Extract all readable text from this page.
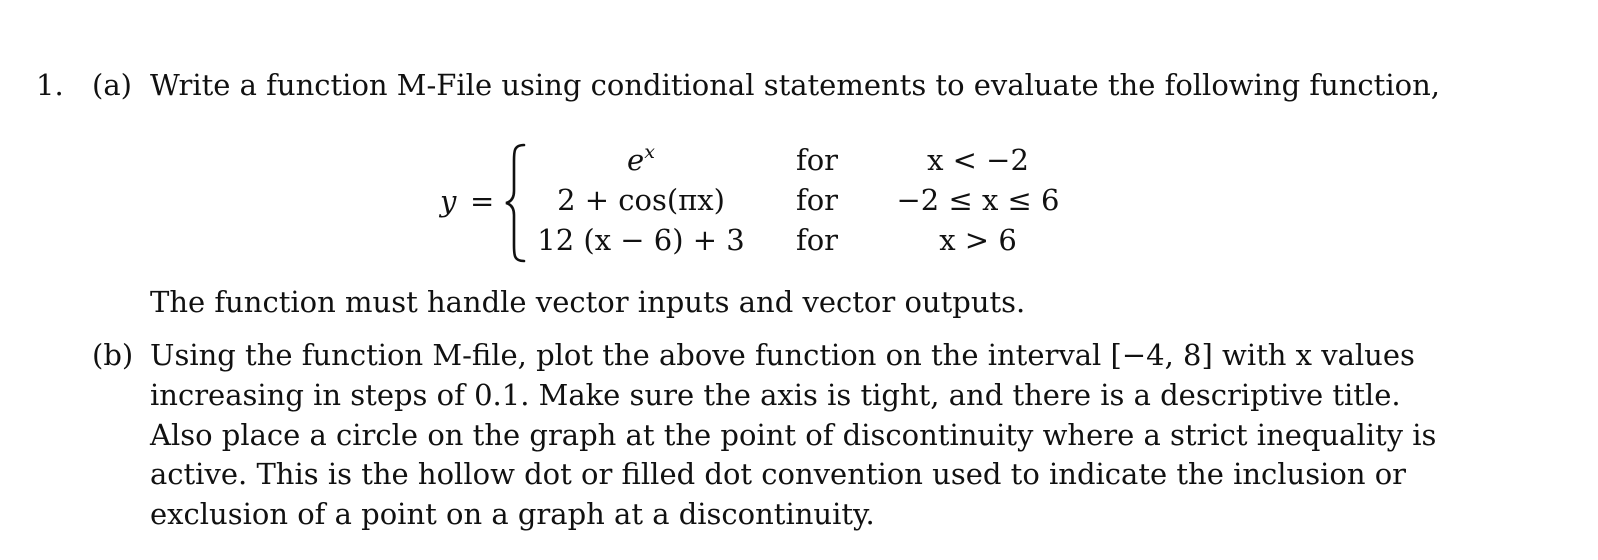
1. (a) Write a function M-File using conditional statements to evaluate the following function,
y =
$e^x$	for	x < −2
2 + cos(πx) for −2 ≤ x ≤ 6
12 (x − 6) + 3 for	x > 6
The function must handle vector inputs and vector outputs.
(b) Using the function M-file, plot the above function on the interval [−4, 8] with x values
increasing in steps of 0.1. Make sure the axis is tight, and there is a descriptive title.
Also place a circle on the graph at the point of discontinuity where a strict inequality is
active. This is the hollow dot or filled dot convention used to indicate the inclusion or
exclusion of a point on a graph at a discontinuity.
